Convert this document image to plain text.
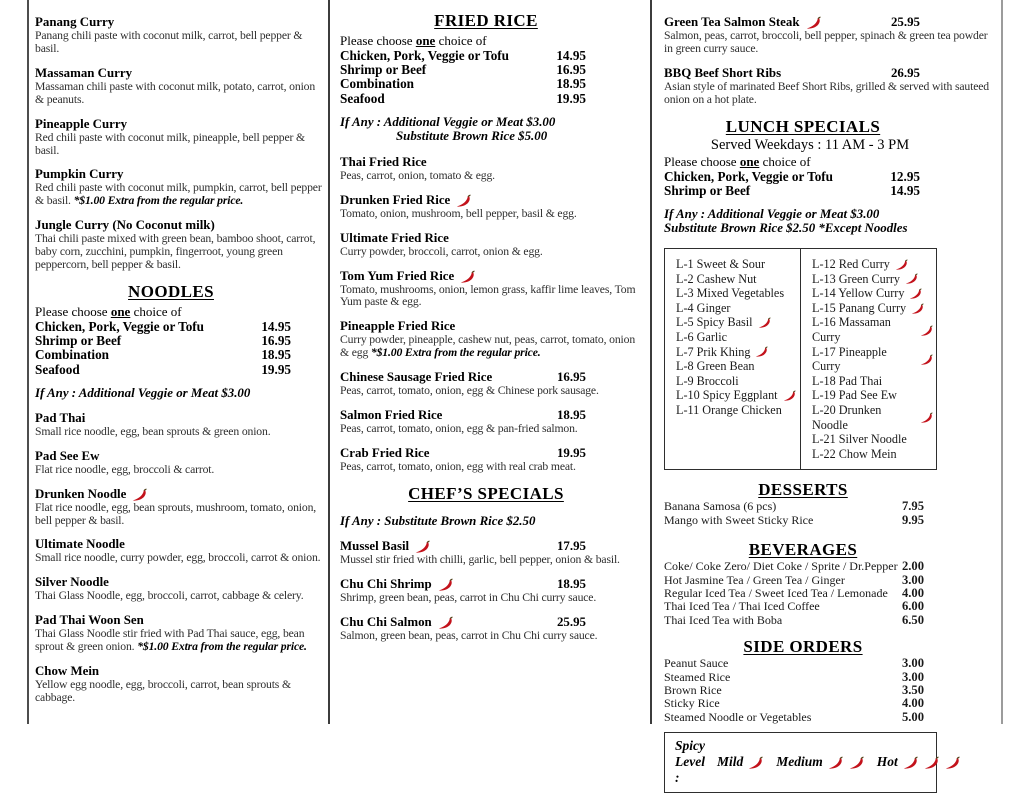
Panang Curry
Panang chili paste with coconut milk, carrot, bell pepper & basil.
Massaman Curry
Massaman chili paste with coconut milk, potato, carrot, onion & peanuts.
Pineapple Curry
Red chili paste with coconut milk, pineapple, bell pepper & basil.
Pumpkin Curry
Red chili paste with coconut milk, pumpkin, carrot, bell pepper & basil. *$1.00 Extra from the regular price.
Jungle Curry (No Coconut milk)
Thai chili paste mixed with green bean, bamboo shoot, carrot, baby corn, zucchini, pumpkin, fingerroot, young green peppercorn, bell pepper & basil.
NOODLES
Please choose one choice of
Chicken, Pork, Veggie or Tofu	14.95
Shrimp or Beef	16.95
Combination	18.95
Seafood	19.95
If Any : Additional Veggie or Meat $3.00
Pad Thai
Small rice noodle, egg, bean sprouts & green onion.
Pad See Ew
Flat rice noodle, egg, broccoli & carrot.
Drunken Noodle
Flat rice noodle, egg, bean sprouts, mushroom, tomato, onion, bell pepper & basil.
Ultimate Noodle
Small rice noodle, curry powder, egg, broccoli, carrot & onion.
Silver Noodle
Thai Glass Noodle, egg, broccoli, carrot, cabbage & celery.
Pad Thai Woon Sen
Thai Glass Noodle stir fried with Pad Thai sauce, egg, bean sprout & green onion. *$1.00 Extra from the regular price.
Chow Mein
Yellow egg noodle, egg, broccoli, carrot, bean sprouts & cabbage.
FRIED RICE
Please choose one choice of
Chicken, Pork, Veggie or Tofu	14.95
Shrimp or Beef	16.95
Combination	18.95
Seafood	19.95
If Any : Additional Veggie or Meat $3.00
Substitute Brown Rice $5.00
Thai Fried Rice
Peas, carrot, onion, tomato & egg.
Drunken Fried Rice
Tomato, onion, mushroom, bell pepper, basil & egg.
Ultimate Fried Rice
Curry powder, broccoli, carrot, onion & egg.
Tom Yum Fried Rice
Tomato, mushrooms, onion, lemon grass, kaffir lime leaves, Tom Yum paste & egg.
Pineapple Fried Rice
Curry powder, pineapple, cashew nut, peas, carrot, tomato, onion & egg *$1.00 Extra from the regular price.
Chinese Sausage Fried Rice	16.95
Peas, carrot, tomato, onion, egg & Chinese pork sausage.
Salmon Fried Rice	18.95
Peas, carrot, tomato, onion, egg & pan-fried salmon.
Crab Fried Rice	19.95
Peas, carrot, tomato, onion, egg with real crab meat.
CHEF’S SPECIALS
If Any : Substitute Brown Rice $2.50
Mussel Basil	17.95
Mussel stir fried with chilli, garlic, bell pepper, onion & basil.
Chu Chi Shrimp	18.95
Shrimp, green bean, peas, carrot in Chu Chi curry sauce.
Chu Chi Salmon	25.95
Salmon, green bean, peas, carrot in Chu Chi curry sauce.
Green Tea Salmon Steak	25.95
Salmon, peas, carrot, broccoli, bell pepper, spinach & green tea powder in green curry sauce.
BBQ Beef Short Ribs	26.95
Asian style of marinated Beef Short Ribs, grilled & served with sauteed onion on a hot plate.
LUNCH SPECIALS
Served Weekdays : 11 AM - 3 PM
Please choose one choice of
Chicken, Pork, Veggie or Tofu	12.95
Shrimp or Beef	14.95
If Any : Additional Veggie or Meat $3.00
Substitute Brown Rice $2.50 *Except Noodles
L-1 Sweet & Sour
L-2 Cashew Nut
L-3 Mixed Vegetables
L-4 Ginger
L-5 Spicy Basil
L-6 Garlic
L-7 Prik Khing
L-8 Green Bean
L-9 Broccoli
L-10 Spicy Eggplant
L-11 Orange Chicken
L-12 Red Curry
L-13 Green Curry
L-14 Yellow Curry
L-15 Panang Curry
L-16 Massaman Curry
L-17 Pineapple Curry
L-18 Pad Thai
L-19 Pad See Ew
L-20 Drunken Noodle
L-21 Silver Noodle
L-22 Chow Mein
DESSERTS
Banana Samosa (6 pcs)	7.95
Mango with Sweet Sticky Rice	9.95
BEVERAGES
Coke/ Coke Zero/ Diet Coke / Sprite / Dr.Pepper 2.00
Hot Jasmine Tea / Green Tea / Ginger	3.00
Regular Iced Tea / Sweet Iced Tea / Lemonade 4.00
Thai Iced Tea / Thai Iced Coffee	6.00
Thai Iced Tea with Boba	6.50
SIDE ORDERS
Peanut Sauce	3.00
Steamed Rice	3.00
Brown Rice	3.50
Sticky Rice	4.00
Steamed Noodle or Vegetables	5.00
Spicy Level :
Mild Medium	Hot
